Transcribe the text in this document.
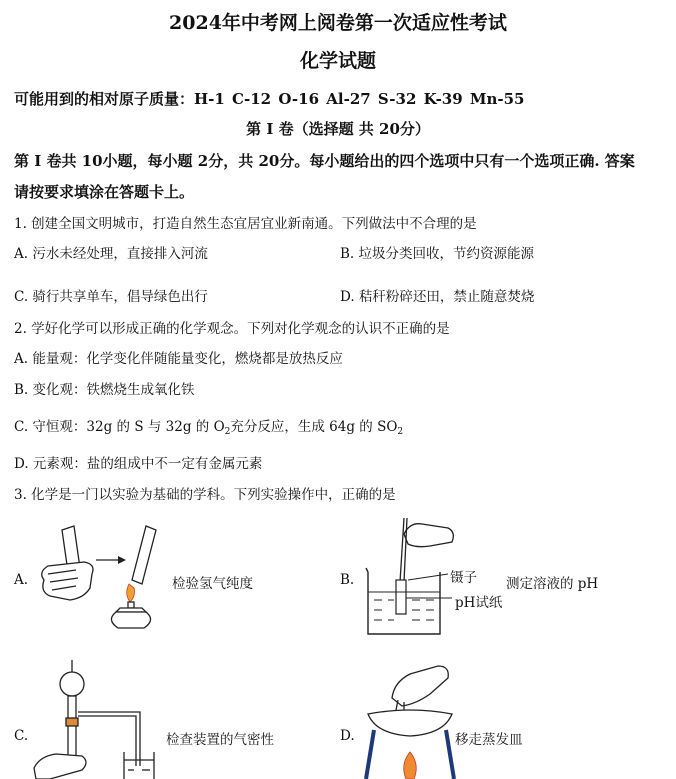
2024年中考网上阅卷第一次适应性考试
化学试题
可能用到的相对原子质量：H-1 C-12 O-16 Al-27 S-32 K-39 Mn-55
第 I 卷（选择题 共 20分）
第 I 卷共 10小题，每小题 2分，共 20分。每小题给出的四个选项中只有一个选项正确. 答案
请按要求填涂在答题卡上。
1. 创建全国文明城市，打造自然生态宜居宜业新南通。下列做法中不合理的是
A. 污水未经处理，直接排入河流	B. 垃圾分类回收，节约资源能源
C. 骑行共享单车，倡导绿色出行	D. 秸秆粉碎还田，禁止随意焚烧
2. 学好化学可以形成正确的化学观念。下列对化学观念的认识不正确的是
A. 能量观：化学变化伴随能量变化，燃烧都是放热反应
B. 变化观：铁燃烧生成氧化铁
C. 守恒观：32g 的 S 与 32g 的 $O_2$充分反应，生成 64g 的 $SO_2$
D. 元素观：盐的组成中不一定有金属元素
3. 化学是一门以实验为基础的学科。下列实验操作中，正确的是
A.	检验氢气纯度	B.	镊子
pH试纸
测定溶液的 pH
C.	检查装置的气密性	D.	移走蒸发皿
